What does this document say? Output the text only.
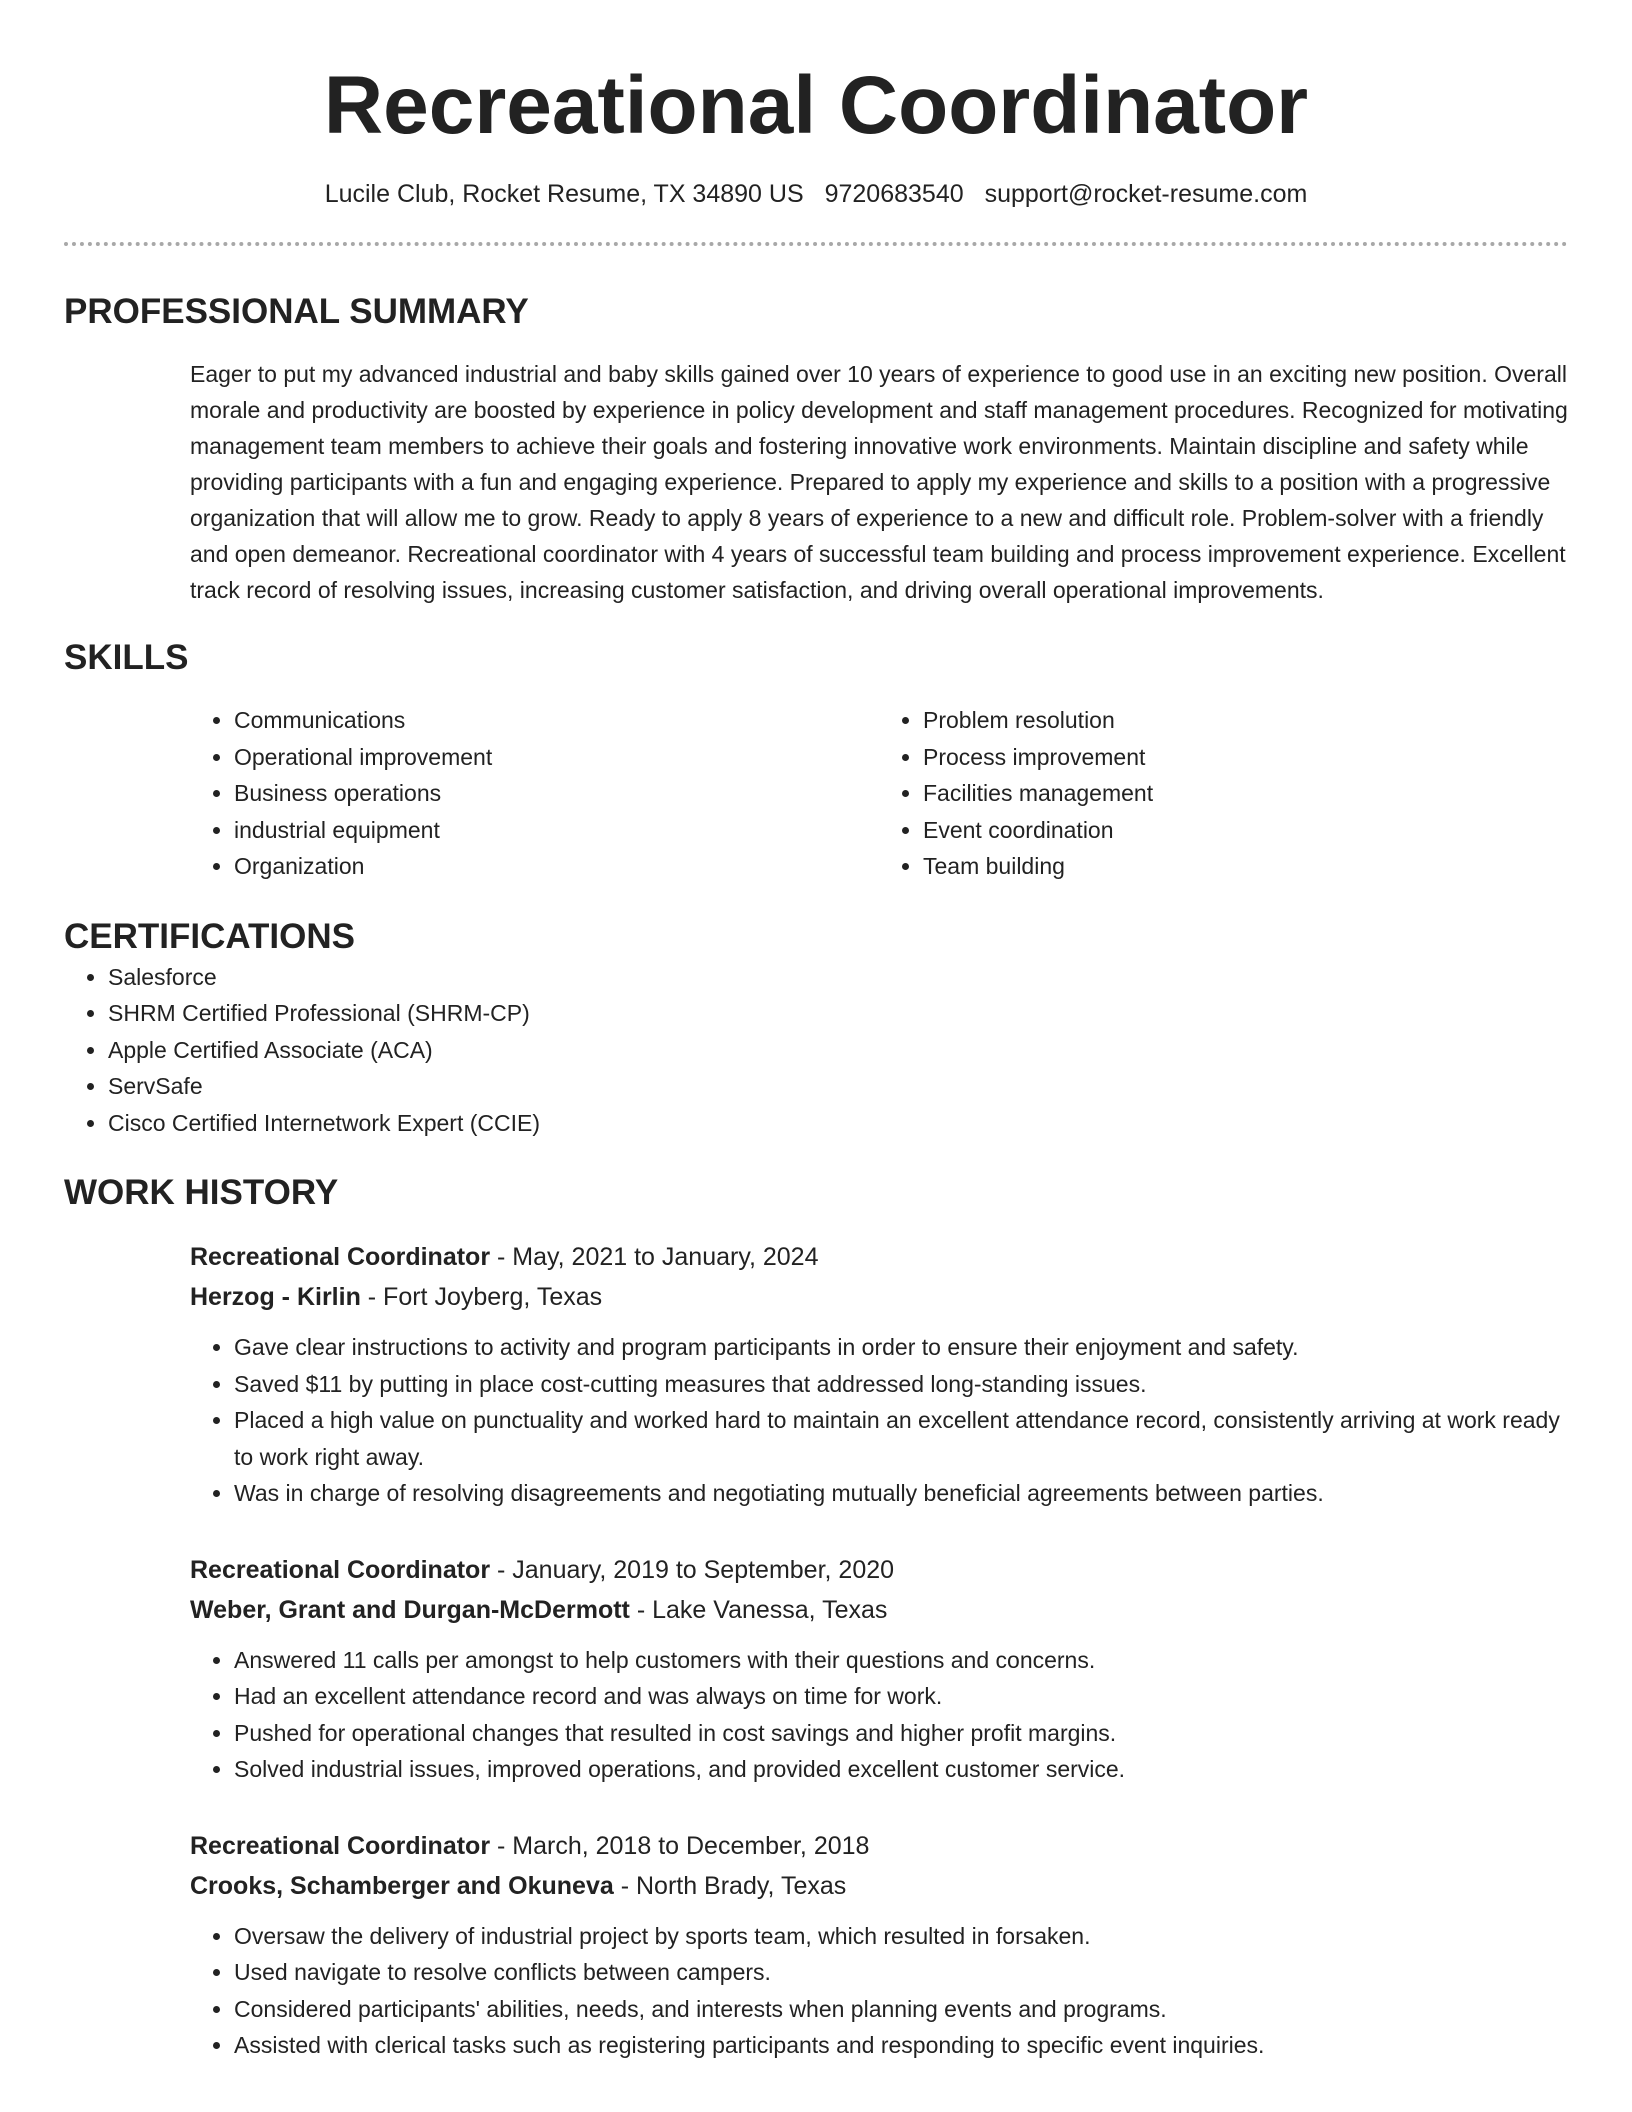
Recreational Coordinator
Lucile Club, Rocket Resume, TX 34890 US 9720683540 support@rocket-resume.com
PROFESSIONAL SUMMARY

Eager to put my advanced industrial and baby skills gained over 10 years of experience to good use in an exciting new position. Overall morale and productivity are boosted by experience in policy development and staff management procedures. Recognized for motivating management team members to achieve their goals and fostering innovative work environments. Maintain discipline and safety while providing participants with a fun and engaging experience. Prepared to apply my experience and skills to a position with a progressive organization that will allow me to grow. Ready to apply 8 years of experience to a new and difficult role. Problem-solver with a friendly and open demeanor. Recreational coordinator with 4 years of successful team building and process improvement experience. Excellent track record of resolving issues, increasing customer satisfaction, and driving overall operational improvements.

SKILLS
• Communications
• Operational improvement
• Business operations
• industrial equipment
• Organization
• Problem resolution
• Process improvement
• Facilities management
• Event coordination
• Team building
CERTIFICATIONS
• Salesforce
• SHRM Certified Professional (SHRM-CP)
• Apple Certified Associate (ACA)
• ServSafe
• Cisco Certified Internetwork Expert (CCIE)
WORK HISTORY
Recreational Coordinator - May, 2021 to January, 2024
Herzog - Kirlin - Fort Joyberg, Texas
• Gave clear instructions to activity and program participants in order to ensure their enjoyment and safety.
• Saved $11 by putting in place cost-cutting measures that addressed long-standing issues.
• Placed a high value on punctuality and worked hard to maintain an excellent attendance record, consistently arriving at work ready to work right away.
• Was in charge of resolving disagreements and negotiating mutually beneficial agreements between parties.
Recreational Coordinator - January, 2019 to September, 2020
Weber, Grant and Durgan-McDermott - Lake Vanessa, Texas
• Answered 11 calls per amongst to help customers with their questions and concerns.
• Had an excellent attendance record and was always on time for work.
• Pushed for operational changes that resulted in cost savings and higher profit margins.
• Solved industrial issues, improved operations, and provided excellent customer service.
Recreational Coordinator - March, 2018 to December, 2018
Crooks, Schamberger and Okuneva - North Brady, Texas
• Oversaw the delivery of industrial project by sports team, which resulted in forsaken.
• Used navigate to resolve conflicts between campers.
• Considered participants' abilities, needs, and interests when planning events and programs.
• Assisted with clerical tasks such as registering participants and responding to specific event inquiries.
